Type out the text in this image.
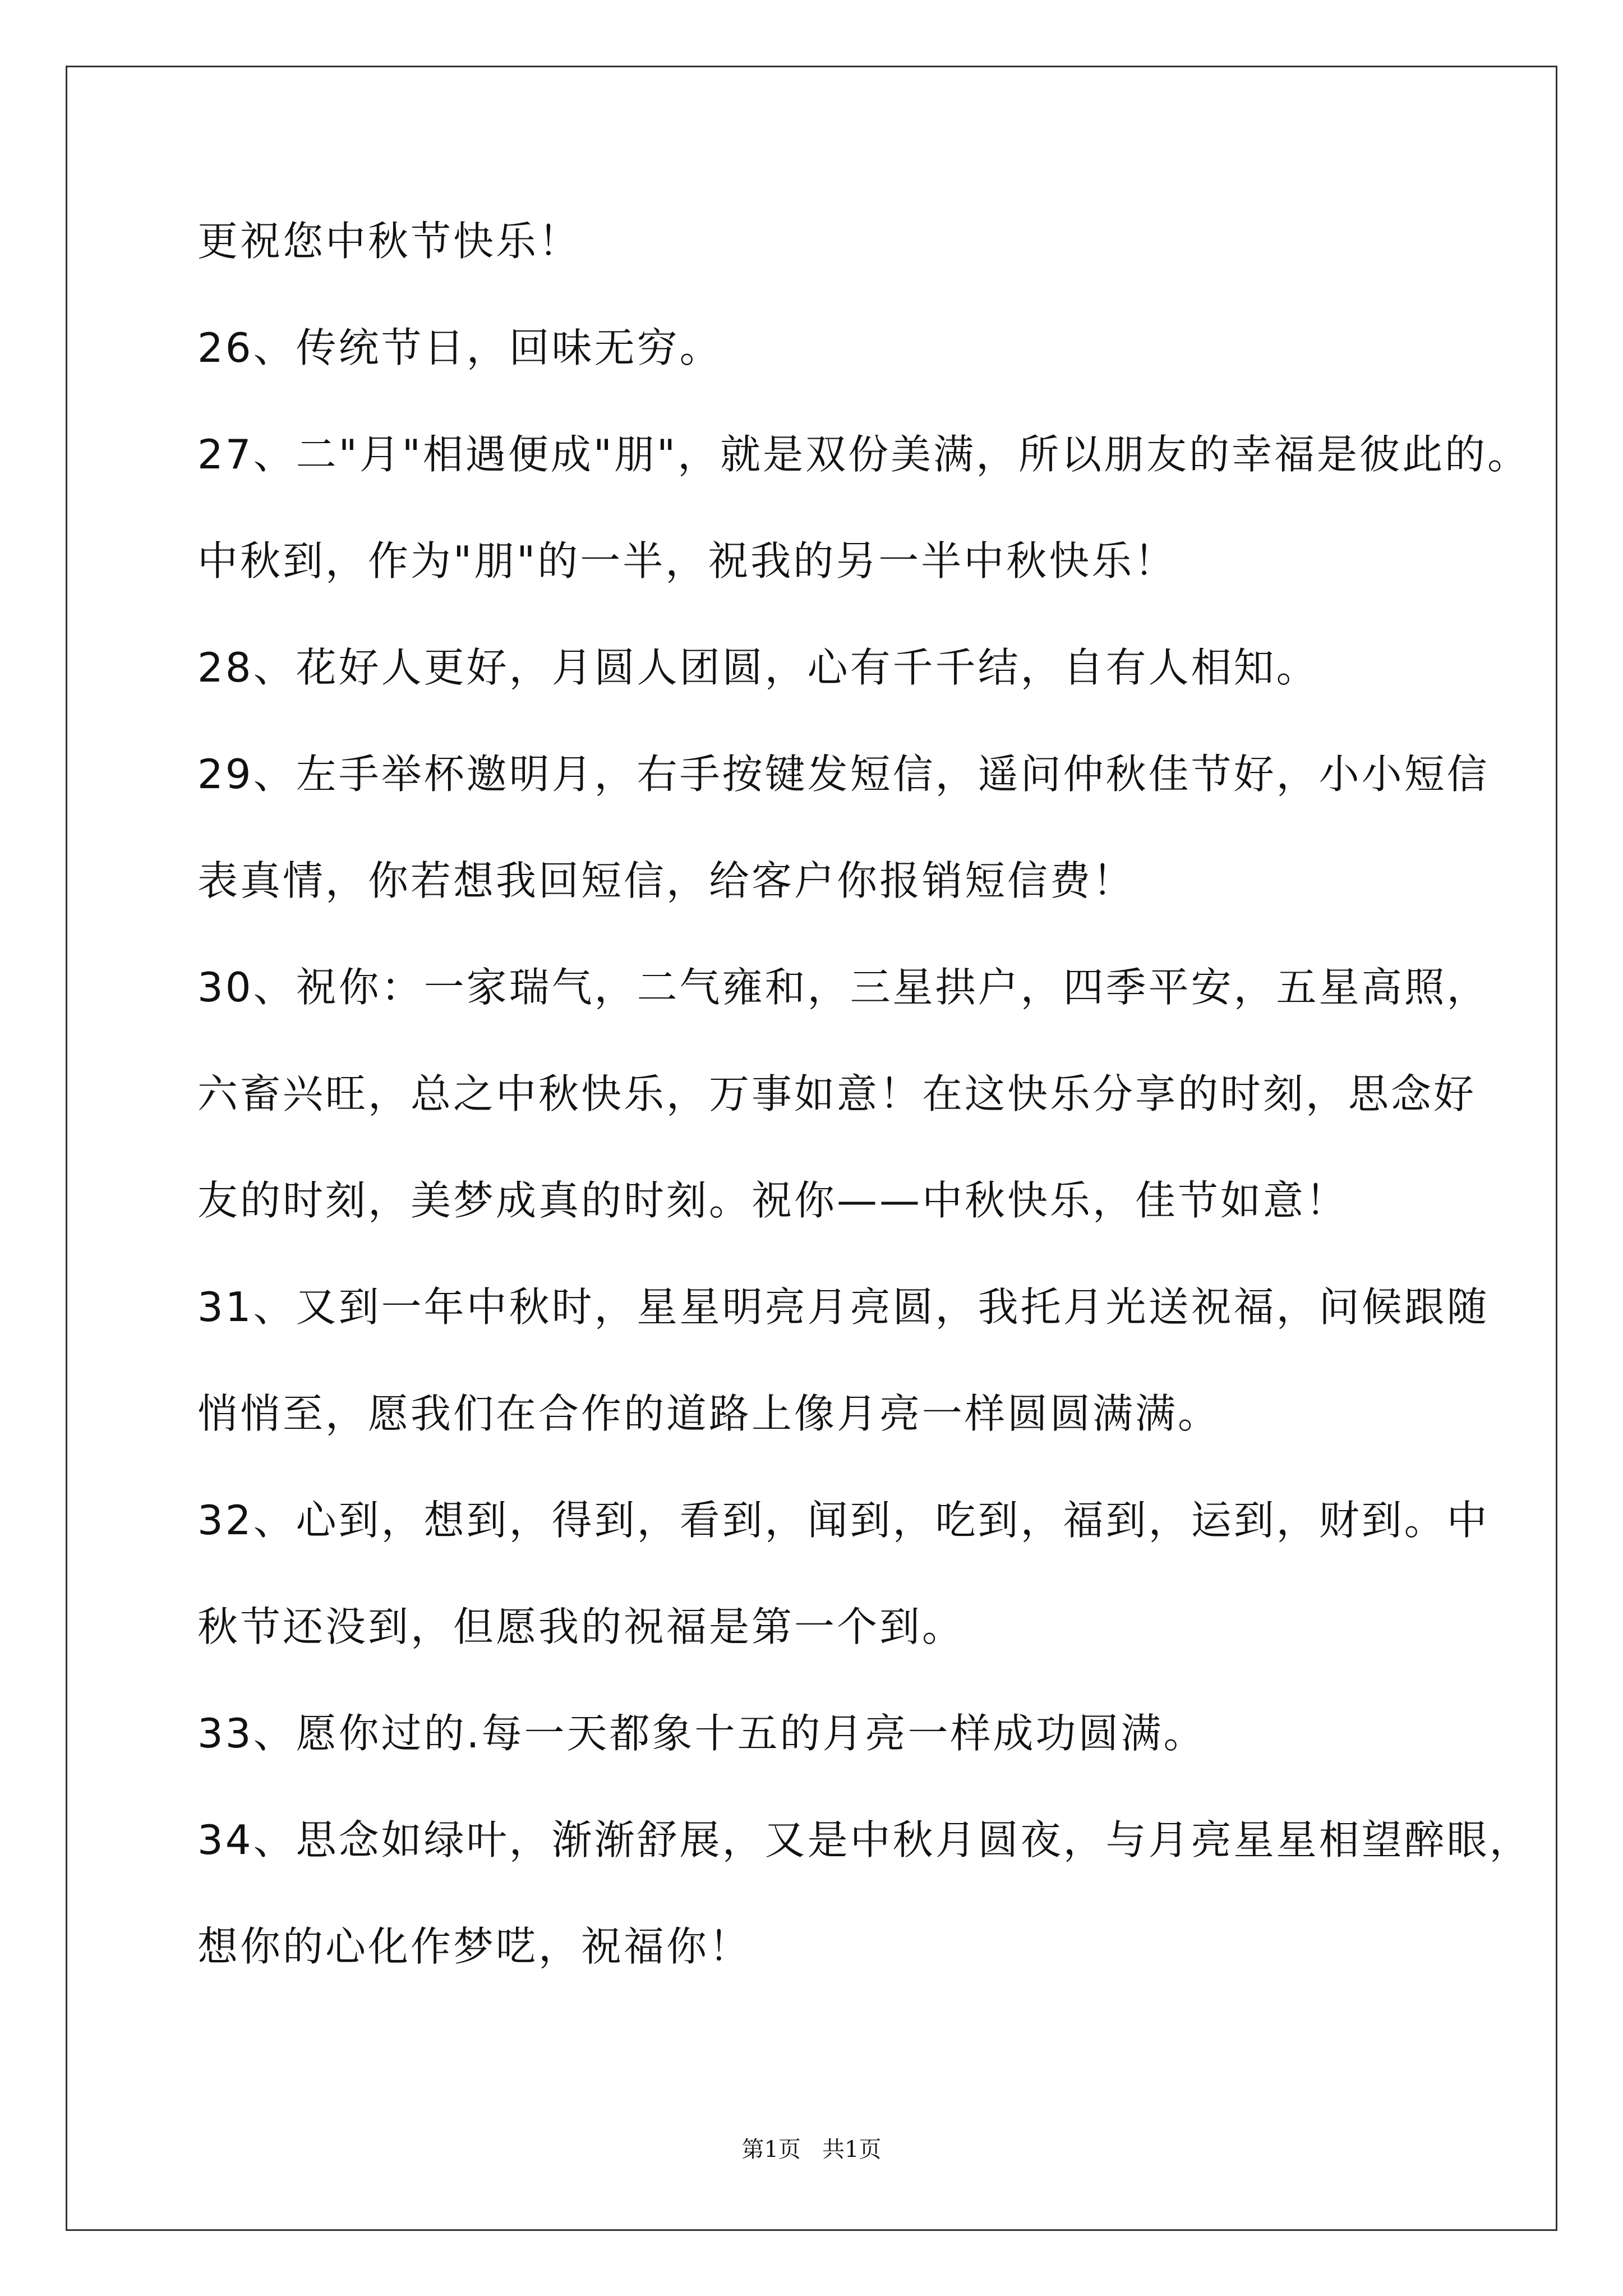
更祝您中秋节快乐！
26、传统节日，回味无穷。
27、二"月"相遇便成"朋"，就是双份美满，所以朋友的幸福是彼此的。
中秋到，作为"朋"的一半，祝我的另一半中秋快乐！
28、花好人更好，月圆人团圆，心有千千结，自有人相知。
29、左手举杯邀明月，右手按键发短信，遥问仲秋佳节好，小小短信
表真情，你若想我回短信，给客户你报销短信费！
30、祝你：一家瑞气，二气雍和，三星拱户，四季平安，五星高照，
六畜兴旺，总之中秋快乐，万事如意！在这快乐分享的时刻，思念好
友的时刻，美梦成真的时刻。祝你——中秋快乐，佳节如意！
31、又到一年中秋时，星星明亮月亮圆，我托月光送祝福，问候跟随
悄悄至，愿我们在合作的道路上像月亮一样圆圆满满。
32、心到，想到，得到，看到，闻到，吃到，福到，运到，财到。中
秋节还没到，但愿我的祝福是第一个到。
33、愿你过的.每一天都象十五的月亮一样成功圆满。
34、思念如绿叶，渐渐舒展，又是中秋月圆夜，与月亮星星相望醉眼，
想你的心化作梦呓，祝福你！
第1页   共1页
